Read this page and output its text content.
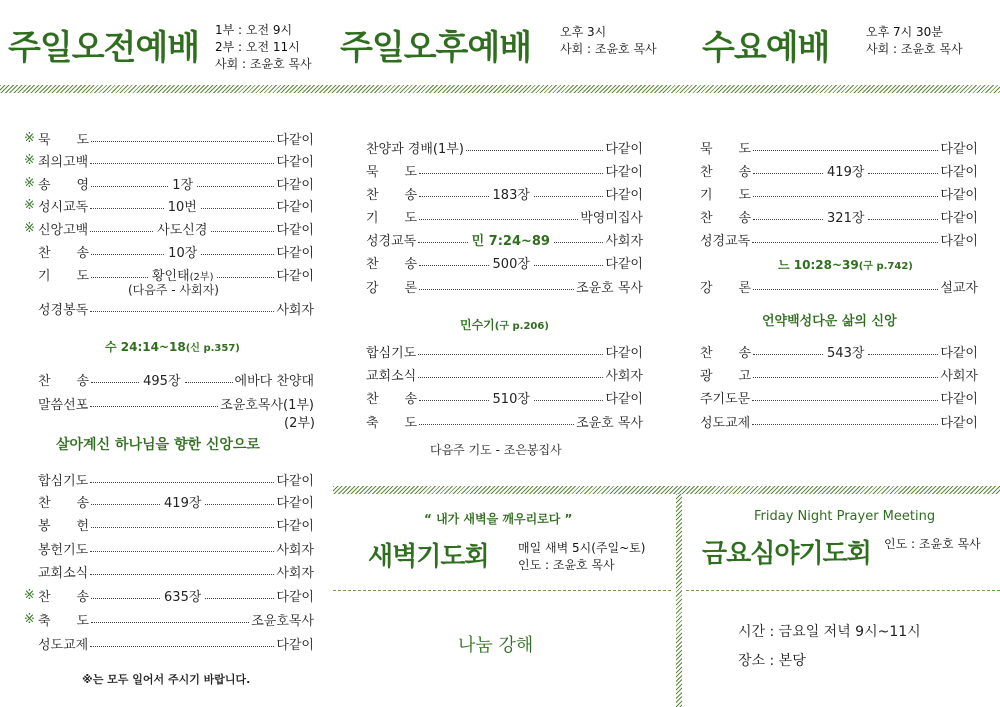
주일오전예배 1부 : 오전 9시
2부 : 오전 11시
사회 : 조윤호 목사 주일오후예배 오후 3시
사회 : 조윤호 목사 수요예배	오후 7시 30분
사회 : 조윤호 목사
※ 묵　　도	다같이
※ 죄의고백	다같이
※ 송　　영	1장	다같이
※ 성시교독	10번	다같이
※ 신앙고백	사도신경	다같이
찬　　송	10장	다같이
기　　도	황인태(2부)	다같이
(다음주 - 사회자)
성경봉독	사회자
수 24:14~18(신 p.357)
찬　　송	495장	에바다 찬양대
말씀선포	조윤호목사(1부)
(2부)
살아계신 하나님을 향한 신앙으로
합심기도	다같이
찬　　송	419장	다같이
봉　　헌	다같이
봉헌기도	사회자
교회소식	사회자
※ 찬　　송	635장	다같이
※ 축　　도	조윤호목사
성도교제	다같이
※는 모두 일어서 주시기 바랍니다.
찬양과 경배(1부)	다같이
묵　　도	다같이
찬　　송	183장	다같이
기　　도	박영미집사
성경교독	민 7:24~89	사회자
찬　　송	500장	다같이
강　　론	조윤호 목사
민수기(구 p.206)
합심기도	다같이
교회소식	사회자
찬　　송	510장	다같이
축　　도	조윤호 목사
다음주 기도 - 조은봉집사
묵　　도	다같이
찬　　송	419장	다같이
기　　도	다같이
찬　　송	321장	다같이
성경교독	다같이
느 10:28~39(구 p.742)
강　　론	설교자
언약백성다운 삶의 신앙
찬　　송	543장	다같이
광　　고	사회자
주기도문	다같이
성도교제	다같이
“ 내가 새벽을 깨우리로다 ”
새벽기도회 매일 새벽 5시(주일~토)
인도 : 조윤호 목사
나눔 강해
Friday Night Prayer Meeting
금요심야기도회 인도 : 조윤호 목사
시간 : 금요일 저녁 9시~11시
장소 : 본당
